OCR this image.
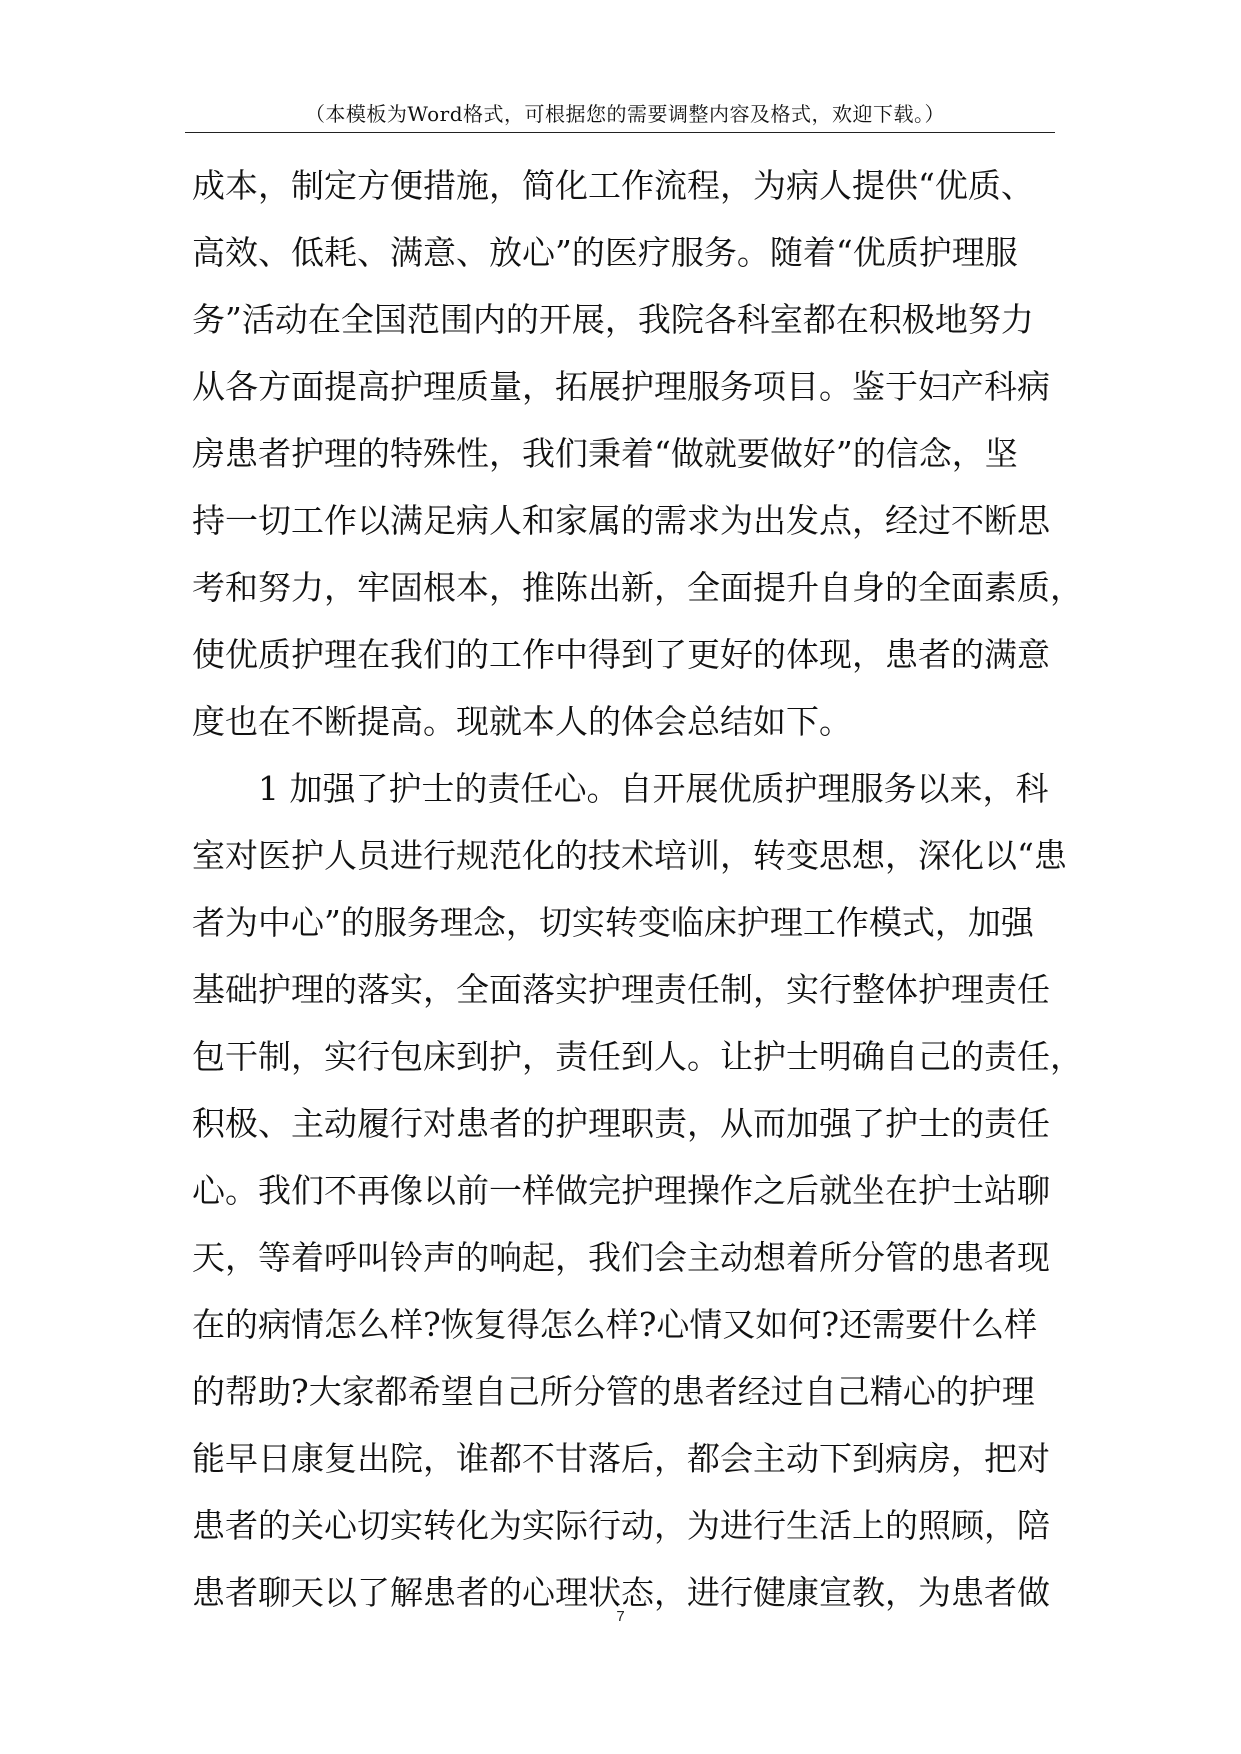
（本模板为Word格式，可根据您的需要调整内容及格式，欢迎下载。）
成本，制定方便措施，简化工作流程，为病人提供“优质、
高效、低耗、满意、放心”的医疗服务。随着“优质护理服
务”活动在全国范围内的开展，我院各科室都在积极地努力
从各方面提高护理质量，拓展护理服务项目。鉴于妇产科病
房患者护理的特殊性，我们秉着“做就要做好”的信念，坚
持一切工作以满足病人和家属的需求为出发点，经过不断思
考和努力，牢固根本，推陈出新，全面提升自身的全面素质，
使优质护理在我们的工作中得到了更好的体现，患者的满意
度也在不断提高。现就本人的体会总结如下。
　　1 加强了护士的责任心。自开展优质护理服务以来，科
室对医护人员进行规范化的技术培训，转变思想，深化以“患
者为中心”的服务理念，切实转变临床护理工作模式，加强
基础护理的落实，全面落实护理责任制，实行整体护理责任
包干制，实行包床到护，责任到人。让护士明确自己的责任，
积极、主动履行对患者的护理职责，从而加强了护士的责任
心。我们不再像以前一样做完护理操作之后就坐在护士站聊
天，等着呼叫铃声的响起，我们会主动想着所分管的患者现
在的病情怎么样?恢复得怎么样?心情又如何?还需要什么样
的帮助?大家都希望自己所分管的患者经过自己精心的护理
能早日康复出院，谁都不甘落后，都会主动下到病房，把对
患者的关心切实转化为实际行动，为进行生活上的照顾，陪
患者聊天以了解患者的心理状态，进行健康宣教，为患者做
7
